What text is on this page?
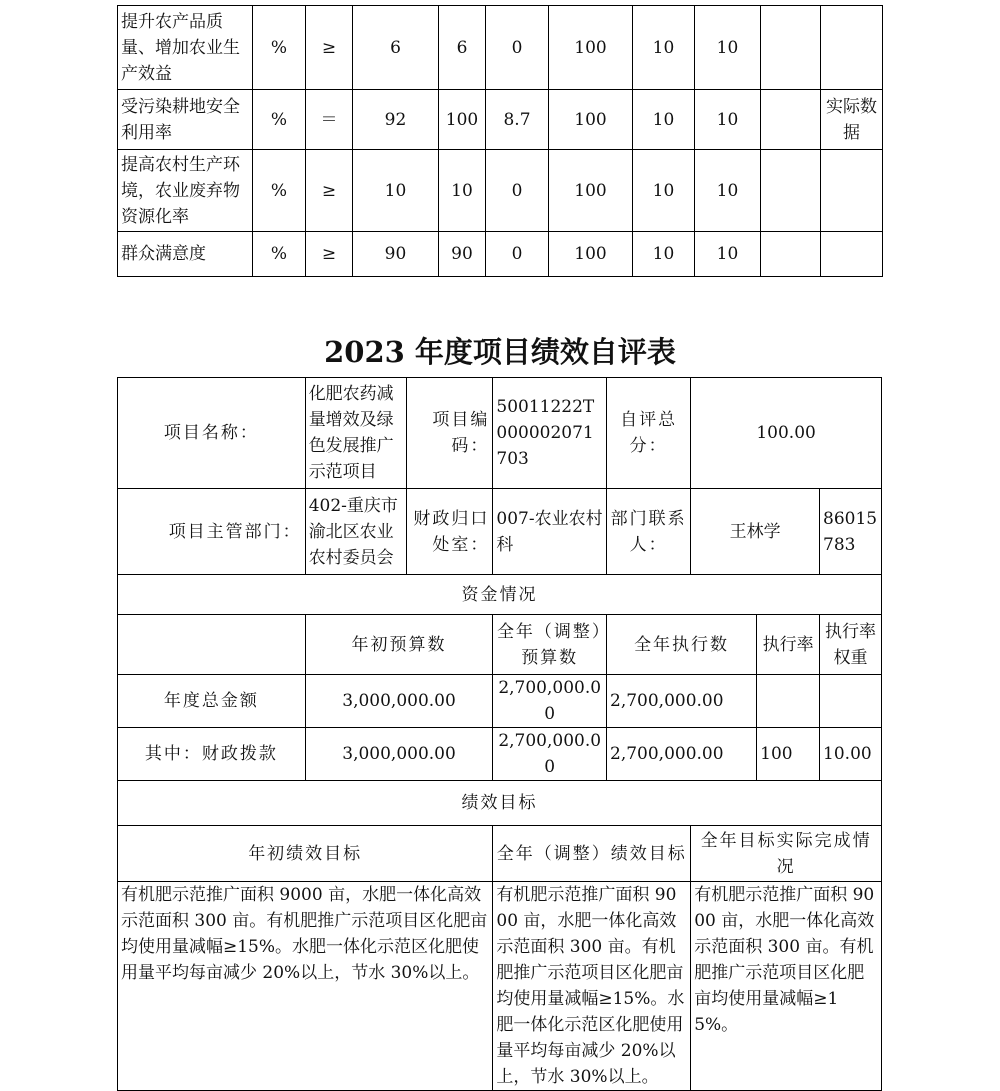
提升农产品质量、增加农业生产效益	%	≥	6	6	0	100	10	10		
受污染耕地安全利用率	%	＝	92	100	8.7	100	10	10		实际数据
提高农村生产环境，农业废弃物资源化率	%	≥	10	10	0	100	10	10		
群众满意度	%	≥	90	90	0	100	10	10		
2023 年度项目绩效自评表
项目名称：	化肥农药减量增效及绿色发展推广示范项目	项目编码：	50011222T000002071703	自评总分：	100.00		
项目主管部门：	402-重庆市渝北区农业农村委员会	财政归口处室：	007-农业农村科	部门联系人：	王林学		86015783
资金情况							
	年初预算数		全年（调整）预算数	全年执行数		执行率	执行率权重
年度总金额	3,000,000.00		2,700,000.00	2,700,000.00			
其中：财政拨款	3,000,000.00		2,700,000.00	2,700,000.00		100	10.00
绩效目标							
年初绩效目标			全年（调整）绩效目标		全年目标实际完成情况		
有机肥示范推广面积 9000 亩，水肥一体化高效示范面积 300 亩。有机肥推广示范项目区化肥亩均使用量减幅≥15%。水肥一体化示范区化肥使用量平均每亩减少 20%以上，节水 30%以上。			有机肥示范推广面积 9000 亩，水肥一体化高效示范面积 300 亩。有机肥推广示范项目区化肥亩均使用量减幅≥15%。水肥一体化示范区化肥使用量平均每亩减少 20%以上，节水 30%以上。		有机肥示范推广面积 9000 亩，水肥一体化高效示范面积 300 亩。有机肥推广示范项目区化肥亩均使用量减幅≥15%。		
